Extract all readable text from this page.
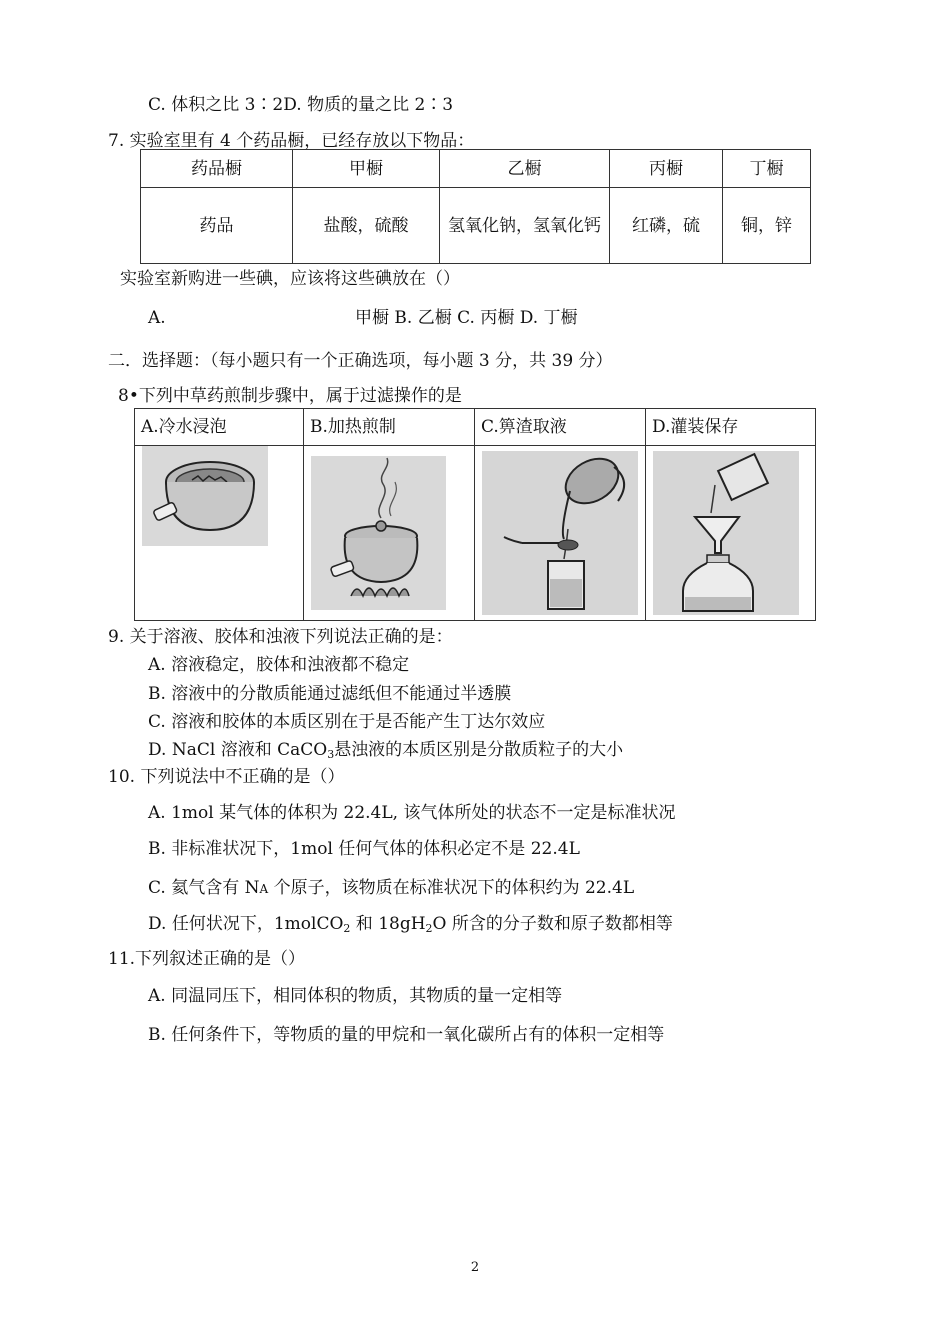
C. 体积之比 3∶2D. 物质的量之比 2∶3
7. 实验室里有 4 个药品橱，已经存放以下物品：
药品橱	甲橱	乙橱	丙橱	丁橱
药品	盐酸，硫酸	氢氧化钠，氢氧化钙	红磷，硫	铜，锌
实验室新购进一些碘，应该将这些碘放在（）
A.	甲橱 B. 乙橱 C. 丙橱 D. 丁橱
二．选择题：（每小题只有一个正确选项，每小题 3 分，共 39 分）
8•下列中草药煎制步骤中，属于过滤操作的是
A.冷水浸泡	B.加热煎制	C.箅渣取液	D.灌装保存

9. 关于溶液、胶体和浊液下列说法正确的是：
A. 溶液稳定，胶体和浊液都不稳定
B. 溶液中的分散质能通过滤纸但不能通过半透膜
C. 溶液和胶体的本质区别在于是否能产生丁达尔效应
D. NaCl 溶液和 CaCO$_3$悬浊液的本质区别是分散质粒子的大小
10. 下列说法中不正确的是（）
A. 1mol 某气体的体积为 22.4L, 该气体所处的状态不一定是标准状况
B. 非标准状况下，1mol 任何气体的体积必定不是 22.4L
C. 氦气含有 NA 个原子，该物质在标准状况下的体积约为 22.4L
D. 任何状况下，1molCO$_2$ 和 $18gH_2O$ 所含的分子数和原子数都相等
11.下列叙述正确的是（）
A. 同温同压下，相同体积的物质，其物质的量一定相等
B. 任何条件下，等物质的量的甲烷和一氧化碳所占有的体积一定相等
2
